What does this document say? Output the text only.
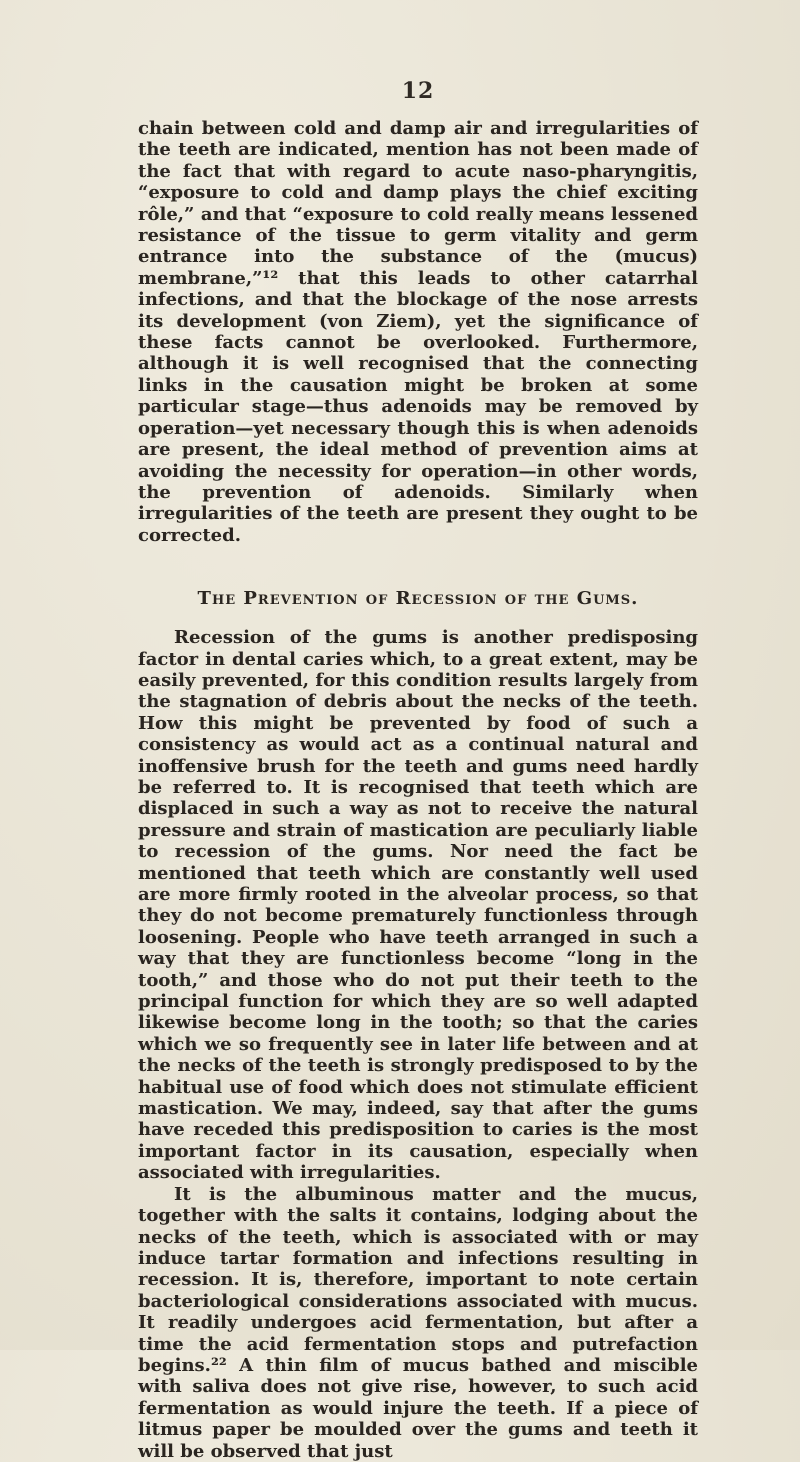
12

chain between cold and damp air and irregularities of the teeth are indicated, mention has not been made of the fact that with regard to acute naso-pharyngitis, “exposure to cold and damp plays the chief exciting rôle,” and that “exposure to cold really means lessened resistance of the tissue to germ vitality and germ entrance into the substance of the (mucus) membrane,”¹² that this leads to other catarrhal infections, and that the blockage of the nose arrests its development (von Ziem), yet the significance of these facts cannot be overlooked. Furthermore, although it is well recognised that the connecting links in the causation might be broken at some particular stage—thus adenoids may be removed by operation—yet necessary though this is when adenoids are present, the ideal method of prevention aims at avoiding the necessity for operation—in other words, the prevention of adenoids. Similarly when irregularities of the teeth are present they ought to be corrected.

The Prevention of Recession of the Gums.

Recession of the gums is another predisposing factor in dental caries which, to a great extent, may be easily prevented, for this condition results largely from the stagnation of debris about the necks of the teeth. How this might be prevented by food of such a consistency as would act as a continual natural and inoffensive brush for the teeth and gums need hardly be referred to. It is recognised that teeth which are displaced in such a way as not to receive the natural pressure and strain of mastication are peculiarly liable to recession of the gums. Nor need the fact be mentioned that teeth which are constantly well used are more firmly rooted in the alveolar process, so that they do not become prematurely functionless through loosening. People who have teeth arranged in such a way that they are functionless become “long in the tooth,” and those who do not put their teeth to the principal function for which they are so well adapted likewise become long in the tooth; so that the caries which we so frequently see in later life between and at the necks of the teeth is strongly predisposed to by the habitual use of food which does not stimulate efficient mastication. We may, indeed, say that after the gums have receded this predisposition to caries is the most important factor in its causation, especially when associated with irregularities.

It is the albuminous matter and the mucus, together with the salts it contains, lodging about the necks of the teeth, which is associated with or may induce tartar formation and infections resulting in recession. It is, therefore, important to note certain bacteriological considerations associated with mucus. It readily undergoes acid fermentation, but after a time the acid fermentation stops and putrefaction begins.²² A thin film of mucus bathed and miscible with saliva does not give rise, however, to such acid fermentation as would injure the teeth. If a piece of litmus paper be moulded over the gums and teeth it will be observed that just
